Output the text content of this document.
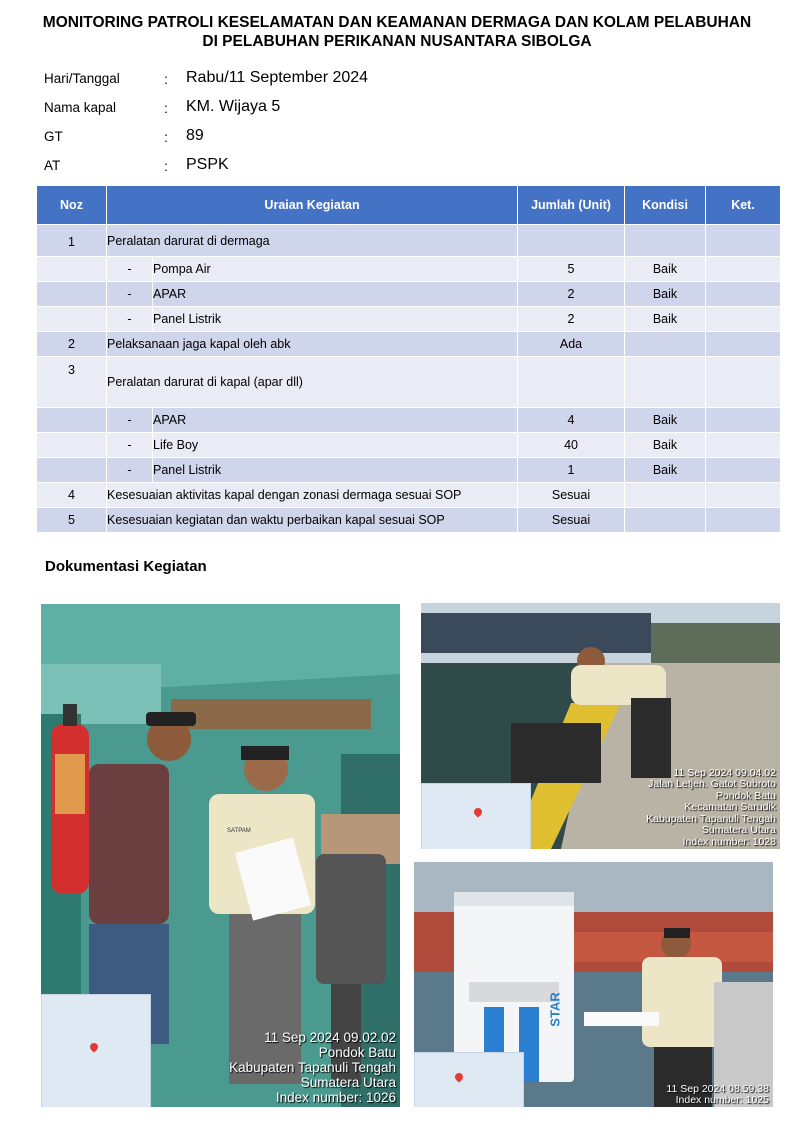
MONITORING PATROLI KESELAMATAN DAN KEAMANAN DERMAGA DAN KOLAM PELABUHAN
DI PELABUHAN PERIKANAN NUSANTARA SIBOLGA
Hari/Tanggal	: Rabu/11 September 2024
Nama kapal	: KM. Wijaya 5
GT	: 89
AT	: PSPK
Noz	Uraian Kegiatan		Jumlah (Unit)	Kondisi	Ket.
1	Peralatan darurat di dermaga				
	-	Pompa Air	5	Baik	
	-	APAR	2	Baik	
	-	Panel Listrik	2	Baik	
2	Pelaksanaan jaga kapal oleh abk		Ada		
3	Peralatan darurat di kapal (apar dll)				
	-	APAR	4	Baik	
	-	Life Boy	40	Baik	
	-	Panel Listrik	1	Baik	
4	Kesesuaian aktivitas kapal dengan zonasi dermaga sesuai SOP		Sesuai		
5	Kesesuaian kegiatan dan waktu perbaikan kapal sesuai SOP		Sesuai		
Dokumentasi Kegiatan
11 Sep 2024 09.02.02
Pondok Batu
Kabupaten Tapanuli Tengah
Sumatera Utara
Index number: 1026
SATPAM
11 Sep 2024 09.04.02
Jalan Letjen. Gatot Subroto
Pondok Batu
Kecamatan Sarudik
Kabupaten Tapanuli Tengah
Sumatera Utara
Index number: 1028
STAR
11 Sep 2024 08.59.38
Index number: 1025
